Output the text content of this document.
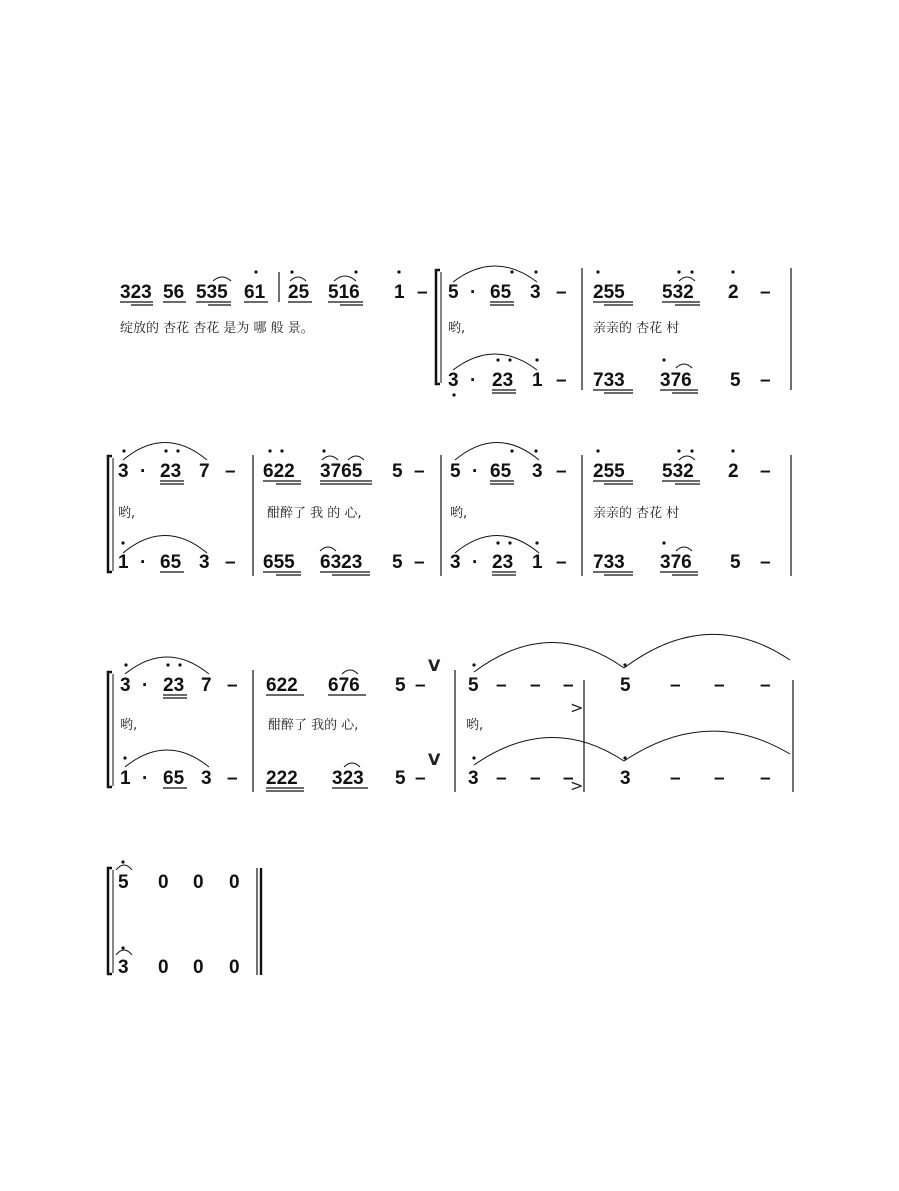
323 56 535 61 25 516 1 –
绽放的 杏花 杏花 是为 哪 般 景。
5 · 65 3 – 255 532 2 –
哟,	亲亲的 杏花 村
3 · 23 1 – 733 376 5 –
3 · 23 7 – 622 3765 5 – 5 · 65 3 – 255 532 2 –
哟,	酣醉了 我 的 心,	哟,	亲亲的 杏花 村
1 · 65 3 – 655 6323 5 – 3 · 23 1 – 733 376 5 –
3 · 23 7 – 622 676 5 – 5 – – – 5 – – –
哟,	酣醉了 我的 心,	哟,
1 · 65 3 – 222 323 5 – 3 – – – 3 – – –
V
V
>
>
5 0 0 0
3 0 0 0
